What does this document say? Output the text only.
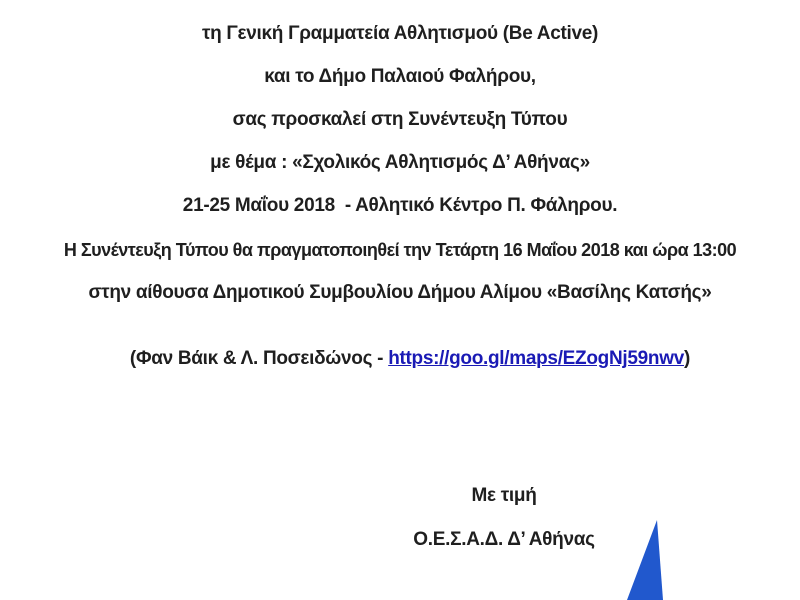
τη Γενική Γραμματεία Αθλητισμού (Be Active)
και το Δήμο Παλαιού Φαλήρου,
σας προσκαλεί στη Συνέντευξη Τύπου
με θέμα : «Σχολικός Αθλητισμός Δ’ Αθήνας»
21-25 Μαΐου 2018  - Αθλητικό Κέντρο Π. Φάληρου.
Η Συνέντευξη Τύπου θα πραγματοποιηθεί την Τετάρτη 16 Μαΐου 2018 και ώρα 13:00
στην αίθουσα Δημοτικού Συμβουλίου Δήμου Αλίμου «Βασίλης Κατσής»

(Φαν Βάικ & Λ. Ποσειδώνος - https://goo.gl/maps/EZogNj59nwv)

Με τιμή
Ο.Ε.Σ.Α.Δ. Δ’ Αθήνας
